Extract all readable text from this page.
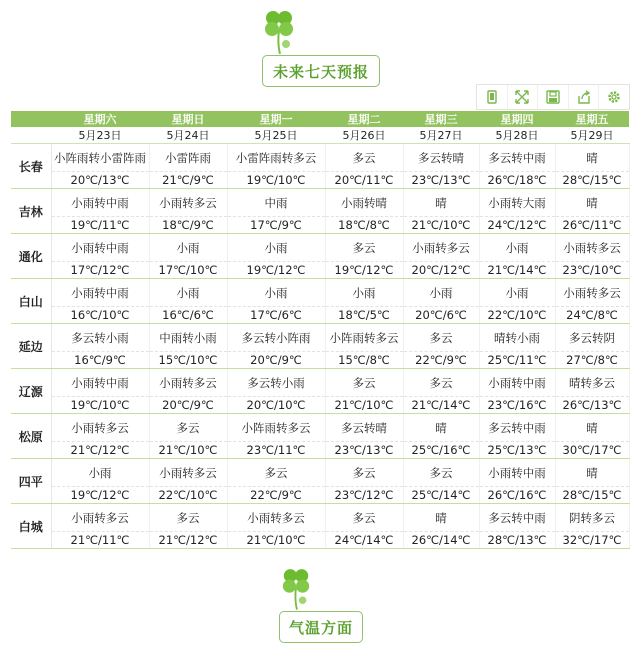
未来七天预报
	星期六	星期日	星期一	星期二	星期三	星期四	星期五
	5月23日	5月24日	5月25日	5月26日	5月27日	5月28日	5月29日
长春	小阵雨转小雷阵雨	小雷阵雨	小雷阵雨转多云	多云	多云转晴	多云转中雨	晴
	20℃/13℃	21℃/9℃	19℃/10℃	20℃/11℃	23℃/13℃	26℃/18℃	28℃/15℃
吉林	小雨转中雨	小雨转多云	中雨	小雨转晴	晴	小雨转大雨	晴
	19℃/11℃	18℃/9℃	17℃/9℃	18℃/8℃	21℃/10℃	24℃/12℃	26℃/11℃
通化	小雨转中雨	小雨	小雨	多云	小雨转多云	小雨	小雨转多云
	17℃/12℃	17℃/10℃	19℃/12℃	19℃/12℃	20℃/12℃	21℃/14℃	23℃/10℃
白山	小雨转中雨	小雨	小雨	小雨	小雨	小雨	小雨转多云
	16℃/10℃	16℃/6℃	17℃/6℃	18℃/5℃	20℃/6℃	22℃/10℃	24℃/8℃
延边	多云转小雨	中雨转小雨	多云转小阵雨	小阵雨转多云	多云	晴转小雨	多云转阴
	16℃/9℃	15℃/10℃	20℃/9℃	15℃/8℃	22℃/9℃	25℃/11℃	27℃/8℃
辽源	小雨转中雨	小雨转多云	多云转小雨	多云	多云	小雨转中雨	晴转多云
	19℃/10℃	20℃/9℃	20℃/10℃	21℃/10℃	21℃/14℃	23℃/16℃	26℃/13℃
松原	小雨转多云	多云	小阵雨转多云	多云转晴	晴	多云转中雨	晴
	21℃/12℃	21℃/10℃	23℃/11℃	23℃/13℃	25℃/16℃	25℃/13℃	30℃/17℃
四平	小雨	小雨转多云	多云	多云	多云	小雨转中雨	晴
	19℃/12℃	22℃/10℃	22℃/9℃	23℃/12℃	25℃/14℃	26℃/16℃	28℃/15℃
白城	小雨转多云	多云	小雨转多云	多云	晴	多云转中雨	阴转多云
	21℃/11℃	21℃/12℃	21℃/10℃	24℃/14℃	26℃/14℃	28℃/13℃	32℃/17℃
气温方面
